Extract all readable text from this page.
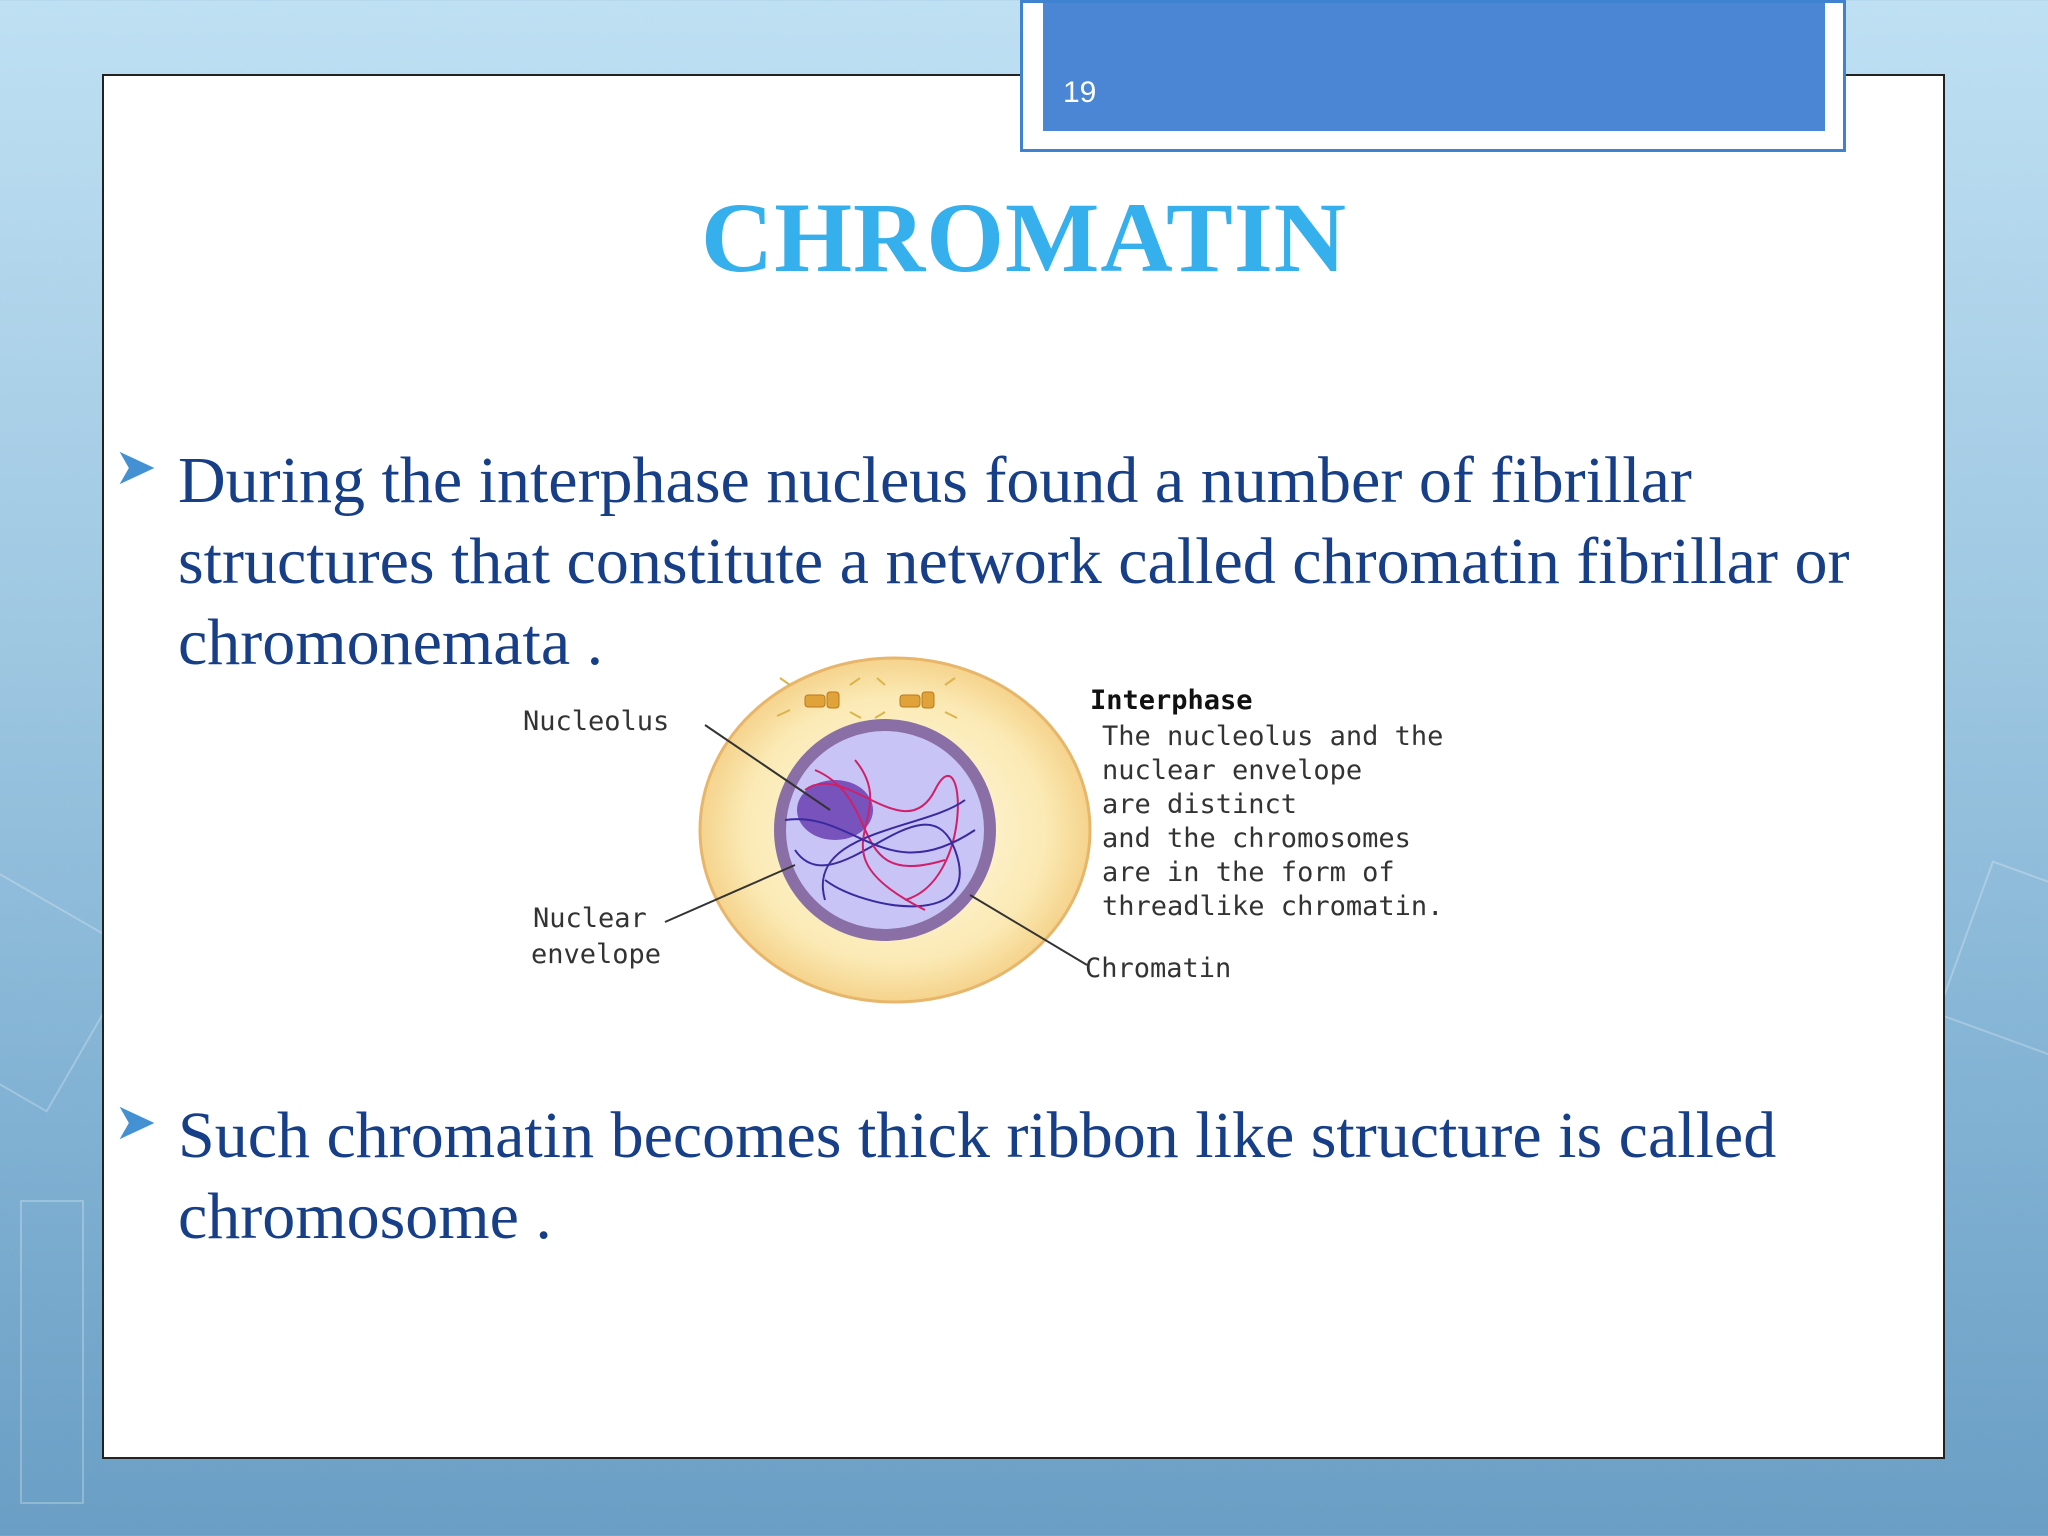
19
CHROMATIN
During the interphase nucleus found a number of fibrillar structures that constitute a network called chromatin fibrillar or chromonemata .
Nucleolus
Nuclear
envelope	Chromatin
Interphase
The nucleolus and the
nuclear envelope
are distinct
and the chromosomes
are in the form of
threadlike chromatin.
Such chromatin becomes thick ribbon like structure is called chromosome .
